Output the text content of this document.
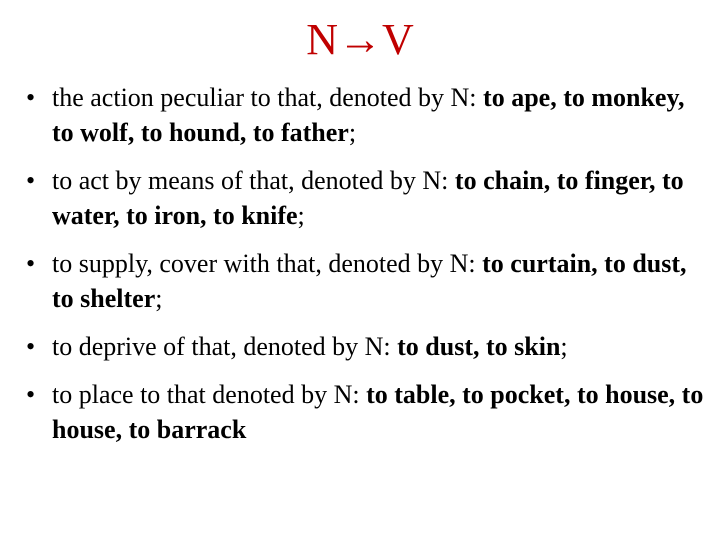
N→V
• the action peculiar to that, denoted by N: to ape, to monkey, to wolf, to hound, to father;
• to act by means of that, denoted by N: to chain, to finger, to water, to iron, to knife;
• to supply, cover with that, denoted by N: to curtain, to dust, to shelter;
• to deprive of that, denoted by N: to dust, to skin;
• to place to that denoted by N: to table, to pocket, to house, to house, to barrack
